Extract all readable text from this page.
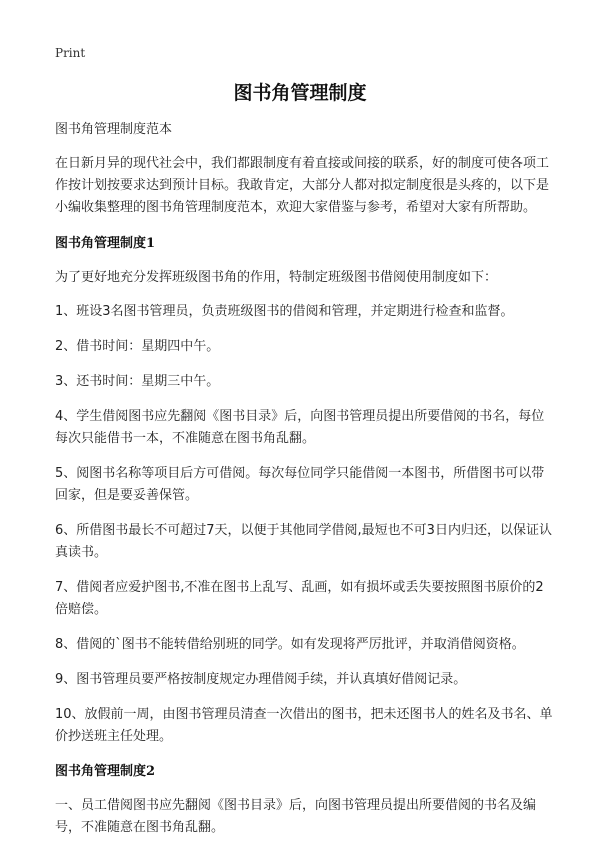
Print
图书角管理制度

图书角管理制度范本

在日新月异的现代社会中，我们都跟制度有着直接或间接的联系，好的制度可使各项工作按计划按要求达到预计目标。我敢肯定，大部分人都对拟定制度很是头疼的，以下是小编收集整理的图书角管理制度范本，欢迎大家借鉴与参考，希望对大家有所帮助。

图书角管理制度1

为了更好地充分发挥班级图书角的作用，特制定班级图书借阅使用制度如下：

1、班设3名图书管理员，负责班级图书的借阅和管理，并定期进行检查和监督。

2、借书时间：星期四中午。

3、还书时间：星期三中午。

4、学生借阅图书应先翻阅《图书目录》后，向图书管理员提出所要借阅的书名，每位每次只能借书一本，不准随意在图书角乱翻。

5、阅图书名称等项目后方可借阅。每次每位同学只能借阅一本图书，所借图书可以带回家，但是要妥善保管。

6、所借图书最长不可超过7天，以便于其他同学借阅,最短也不可3日内归还，以保证认真读书。

7、借阅者应爱护图书,不准在图书上乱写、乱画，如有损坏或丢失要按照图书原价的2倍赔偿。

8、借阅的`图书不能转借给别班的同学。如有发现将严厉批评，并取消借阅资格。

9、图书管理员要严格按制度规定办理借阅手续，并认真填好借阅记录。

10、放假前一周，由图书管理员清查一次借出的图书，把未还图书人的姓名及书名、单价抄送班主任处理。

图书角管理制度2

一、员工借阅图书应先翻阅《图书目录》后，向图书管理员提出所要借阅的书名及编号，不准随意在图书角乱翻。
